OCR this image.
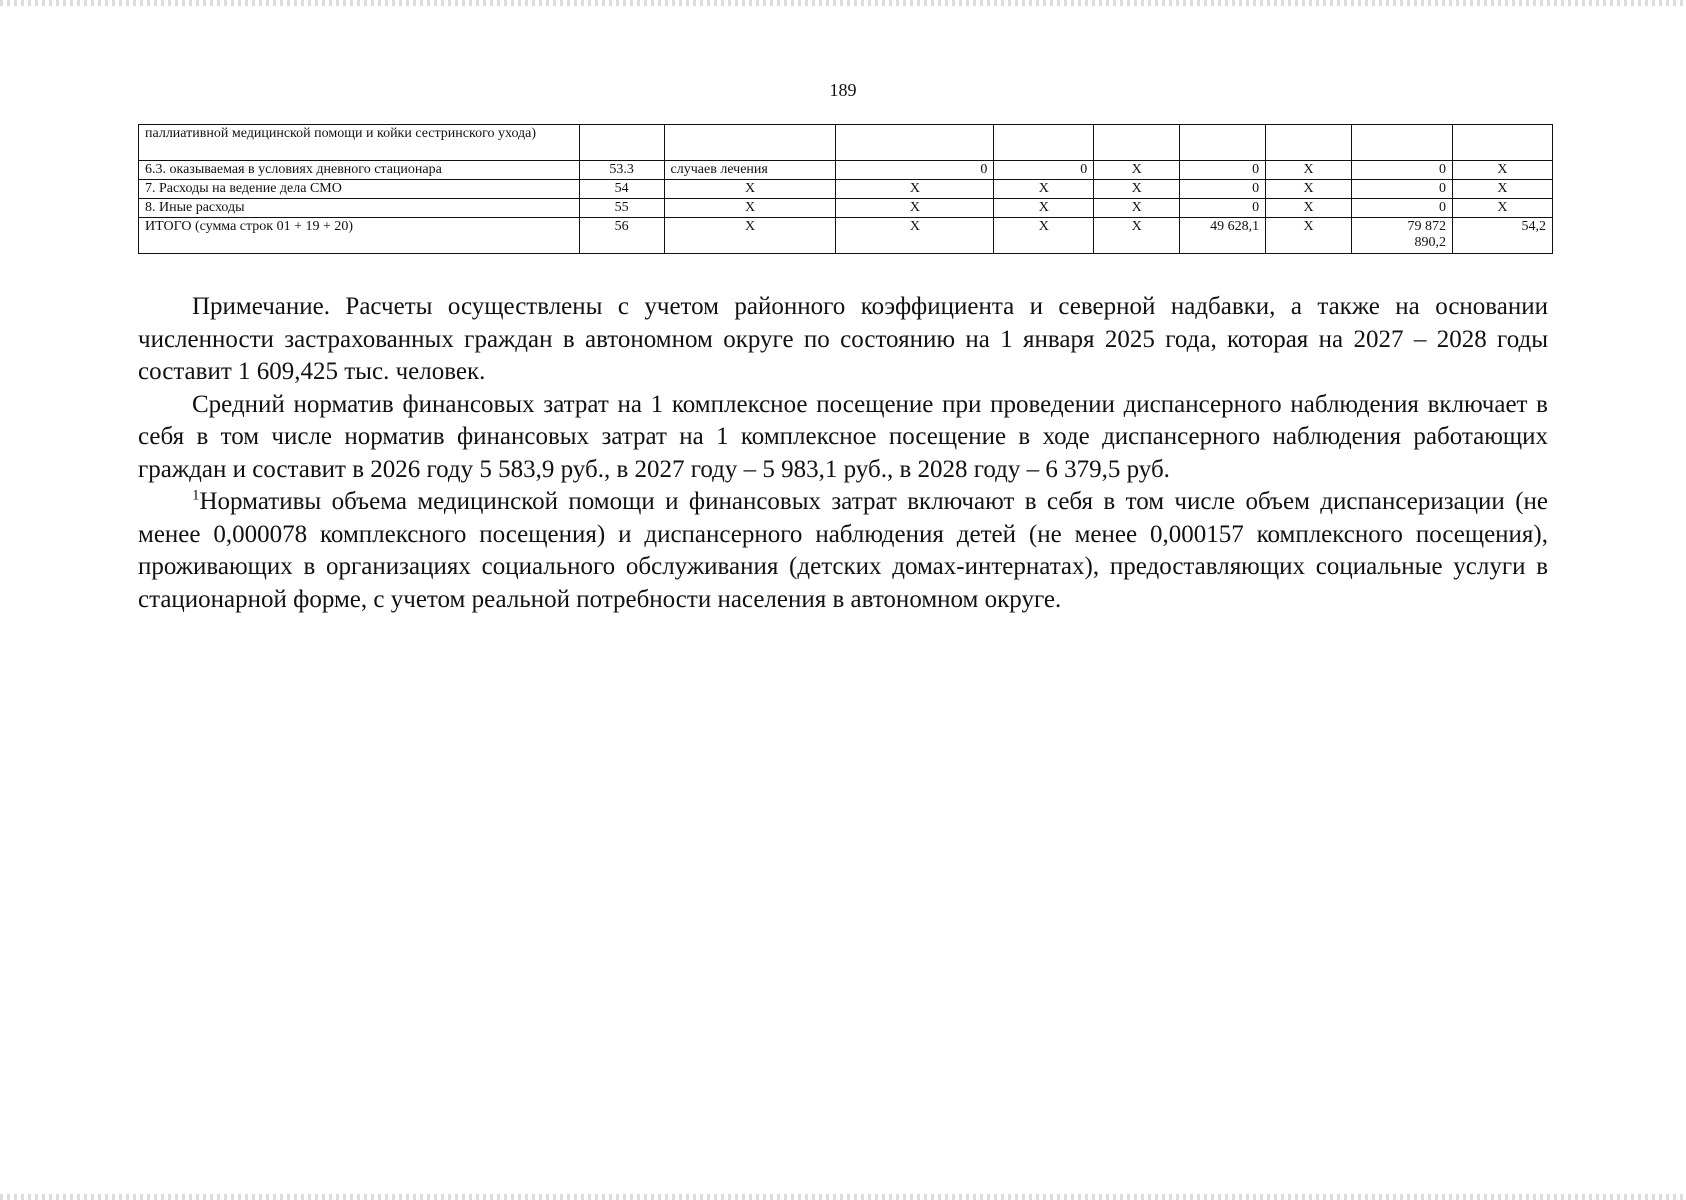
189
паллиативной медицинской помощи и койки сестринского ухода)									
6.3. оказываемая в условиях дневного стационара	53.3	случаев лечения	0	0	Х	0	Х	0	Х
7. Расходы на ведение дела СМО	54	Х	Х	Х	Х	0	Х	0	Х
8. Иные расходы	55	Х	Х	Х	Х	0	Х	0	Х
ИТОГО (сумма строк 01 + 19 + 20)	56	Х	Х	Х	Х	49 628,1	Х	79 872 890,2	54,2

Примечание. Расчеты осуществлены с учетом районного коэффициента и северной надбавки, а также на основании численности застрахованных граждан в автономном округе по состоянию на 1 января 2025 года, которая на 2027 – 2028 годы составит 1 609,425 тыс. человек.

Средний норматив финансовых затрат на 1 комплексное посещение при проведении диспансерного наблюдения включает в себя в том числе норматив финансовых затрат на 1 комплексное посещение в ходе диспансерного наблюдения работающих граждан и составит в 2026 году 5 583,9 руб., в 2027 году – 5 983,1 руб., в 2028 году – 6 379,5 руб.

$^1$Нормативы объема медицинской помощи и финансовых затрат включают в себя в том числе объем диспансеризации (не менее 0,000078 комплексного посещения) и диспансерного наблюдения детей (не менее 0,000157 комплексного посещения), проживающих в организациях социального обслуживания (детских домах-интернатах), предоставляющих социальные услуги в стационарной форме, с учетом реальной потребности населения в автономном округе.
